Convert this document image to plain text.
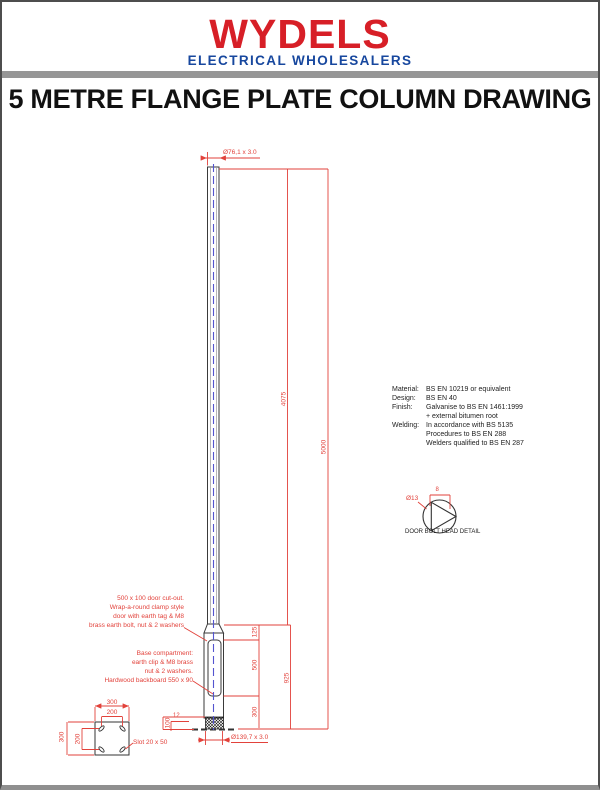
WYDELS
ELECTRICAL WHOLESALERS
5 METRE FLANGE PLATE COLUMN DRAWING
Ø76,1 x 3.0
4075
5000
925
125
500
300
100
12
Ø139,7 x 3.0
500 x 100 door cut-out.
Wrap-a-round clamp style
door with earth tag & M8
brass earth bolt, nut & 2 washers
Base compartment:
earth clip & M8 brass
nut & 2 washers.
Hardwood backboard 550 x 90
Material:	BS EN 10219 or equivalent
Design:	BS EN 40
Finish:	Galvanise to BS EN 1461:1999
+ external bitumen root
Welding: In accordance with BS 5135
Procedures to BS EN 288
Welders qualified to BS EN 287
8
Ø13
DOOR BOLT HEAD DETAIL
300
200
300 200	Slot 20 x 50
